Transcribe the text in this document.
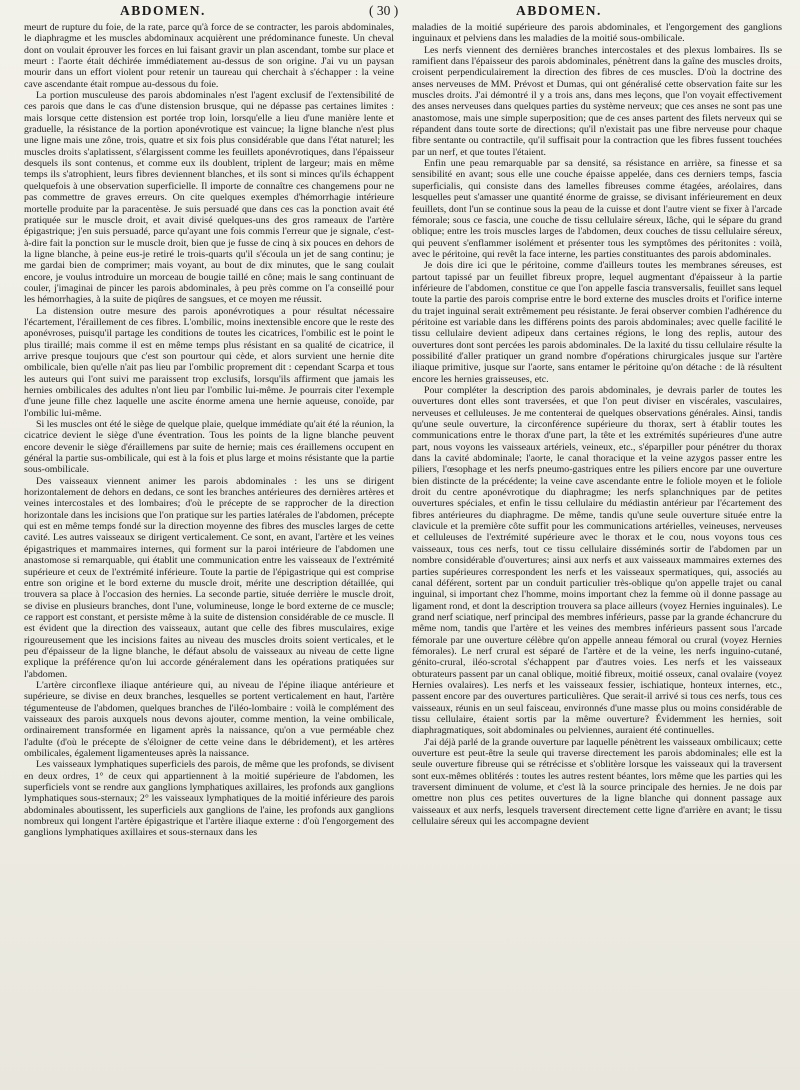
ABDOMEN.	( 30 )	ABDOMEN.

meurt de rupture du foie, de la rate, parce qu'à force de se contracter, les parois abdominales, le diaphragme et les muscles abdominaux acquièrent une prédominance funeste. Un cheval dont on voulait éprouver les forces en lui faisant gravir un plan ascendant, tombe sur place et meurt : l'aorte était déchirée immédiatement au-dessus de son origine. J'ai vu un paysan mourir dans un effort violent pour retenir un taureau qui cherchait à s'échapper : la veine cave ascendante était rompue au-dessous du foie.

La portion musculeuse des parois abdominales n'est l'agent exclusif de l'extensibilité de ces parois que dans le cas d'une distension brusque, qui ne dépasse pas certaines limites : mais lorsque cette distension est portée trop loin, lorsqu'elle a lieu d'une manière lente et graduelle, la résistance de la portion aponévrotique est vaincue; la ligne blanche n'est plus une ligne mais une zône, trois, quatre et six fois plus considérable que dans l'état naturel; les muscles droits s'aplatissent, s'élargissent comme les feuillets aponévrotiques, dans l'épaisseur desquels ils sont contenus, et comme eux ils doublent, triplent de largeur; mais en même temps ils s'atrophient, leurs fibres deviennent blanches, et ils sont si minces qu'ils échappent quelquefois à une observation superficielle. Il importe de connaître ces changemens pour ne pas commettre de graves erreurs. On cite quelques exemples d'hémorrhagie intérieure mortelle produite par la paracentèse. Je suis persuadé que dans ces cas la ponction avait été pratiquée sur le muscle droit, et avait divisé quelques-uns des gros rameaux de l'artère épigastrique; j'en suis persuadé, parce qu'ayant une fois commis l'erreur que je signale, c'est-à-dire fait la ponction sur le muscle droit, bien que je fusse de cinq à six pouces en dehors de la ligne blanche, à peine eus-je retiré le trois-quarts qu'il s'écoula un jet de sang continu; je me gardai bien de comprimer; mais voyant, au bout de dix minutes, que le sang coulait encore, je voulus introduire un morceau de bougie taillé en cône; mais le sang continuant de couler, j'imaginai de pincer les parois abdominales, à peu près comme on l'a conseillé pour les hémorrhagies, à la suite de piqûres de sangsues, et ce moyen me réussit.

La distension outre mesure des parois aponévrotiques a pour résultat nécessaire l'écartement, l'éraillement de ces fibres. L'ombilic, moins inextensible encore que le reste des aponévroses, puisqu'il partage les conditions de toutes les cicatrices, l'ombilic est le point le plus tiraillé; mais comme il est en même temps plus résistant en sa qualité de cicatrice, il arrive presque toujours que c'est son pourtour qui cède, et alors survient une hernie dite ombilicale, bien qu'elle n'ait pas lieu par l'ombilic proprement dit : cependant Scarpa et tous les auteurs qui l'ont suivi me paraissent trop exclusifs, lorsqu'ils affirment que jamais les hernies ombilicales des adultes n'ont lieu par l'ombilic lui-même. Je pourrais citer l'exemple d'une jeune fille chez laquelle une ascite énorme amena une hernie aqueuse, conoïde, par l'ombilic lui-même.

Si les muscles ont été le siège de quelque plaie, quelque immédiate qu'ait été la réunion, la cicatrice devient le siège d'une éventration. Tous les points de la ligne blanche peuvent encore devenir le siège d'éraillemens par suite de hernie; mais ces éraillemens occupent en général la partie sus-ombilicale, qui est à la fois et plus large et moins résistante que la partie sous-ombilicale.

Des vaisseaux viennent animer les parois abdominales : les uns se dirigent horizontalement de dehors en dedans, ce sont les branches antérieures des dernières artères et veines intercostales et des lombaires; d'où le précepte de se rapprocher de la direction horizontale dans les incisions que l'on pratique sur les parties latérales de l'abdomen, précepte qui est en même temps fondé sur la direction moyenne des fibres des muscles larges de cette cavité. Les autres vaisseaux se dirigent verticalement. Ce sont, en avant, l'artère et les veines épigastriques et mammaires internes, qui forment sur la paroi intérieure de l'abdomen une anastomose si remarquable, qui établit une communication entre les vaisseaux de l'extrémité supérieure et ceux de l'extrémité inférieure. Toute la partie de l'épigastrique qui est comprise entre son origine et le bord externe du muscle droit, mérite une description détaillée, qui trouvera sa place à l'occasion des hernies. La seconde partie, située derrière le muscle droit, se divise en plusieurs branches, dont l'une, volumineuse, longe le bord externe de ce muscle; ce rapport est constant, et persiste même à la suite de distension considérable de ce muscle. Il est évident que la direction des vaisseaux, autant que celle des fibres musculaires, exige rigoureusement que les incisions faites au niveau des muscles droits soient verticales, et le peu d'épaisseur de la ligne blanche, le défaut absolu de vaisseaux au niveau de cette ligne explique la préférence qu'on lui accorde généralement dans les opérations pratiquées sur l'abdomen.

L'artère circonflexe iliaque antérieure qui, au niveau de l'épine iliaque antérieure et supérieure, se divise en deux branches, lesquelles se portent verticalement en haut, l'artère tégumenteuse de l'abdomen, quelques branches de l'iléo-lombaire : voilà le complément des vaisseaux des parois auxquels nous devons ajouter, comme mention, la veine ombilicale, ordinairement transformée en ligament après la naissance, qu'on a vue perméable chez l'adulte (d'où le précepte de s'éloigner de cette veine dans le débridement), et les artères ombilicales, également ligamenteuses après la naissance.

Les vaisseaux lymphatiques superficiels des parois, de même que les profonds, se divisent en deux ordres, 1° de ceux qui appartiennent à la moitié supérieure de l'abdomen, les superficiels vont se rendre aux ganglions lymphatiques axillaires, les profonds aux ganglions lymphatiques sous-sternaux; 2° les vaisseaux lymphatiques de la moitié inférieure des parois abdominales aboutissent, les superficiels aux ganglions de l'aine, les profonds aux ganglions nombreux qui longent l'artère épigastrique et l'artère iliaque externe : d'où l'engorgement des ganglions lymphatiques axillaires et sous-sternaux dans les

maladies de la moitié supérieure des parois abdominales, et l'engorgement des ganglions inguinaux et pelviens dans les maladies de la moitié sous-ombilicale.

Les nerfs viennent des dernières branches intercostales et des plexus lombaires. Ils se ramifient dans l'épaisseur des parois abdominales, pénètrent dans la gaîne des muscles droits, croisent perpendiculairement la direction des fibres de ces muscles. D'où la doctrine des anses nerveuses de MM. Prévost et Dumas, qui ont généralisé cette observation faite sur les muscles droits. J'ai démontré il y a trois ans, dans mes leçons, que l'on voyait effectivement des anses nerveuses dans quelques parties du système nerveux; que ces anses ne sont pas une anastomose, mais une simple superposition; que de ces anses partent des filets nerveux qui se répandent dans toute sorte de directions; qu'il n'existait pas une fibre nerveuse pour chaque fibre sentante ou contractile, qu'il suffisait pour la contraction que les fibres fussent touchées par un nerf, et que toutes l'étaient.

Enfin une peau remarquable par sa densité, sa résistance en arrière, sa finesse et sa sensibilité en avant; sous elle une couche épaisse appelée, dans ces derniers temps, fascia superficialis, qui consiste dans des lamelles fibreuses comme étagées, aréolaires, dans lesquelles peut s'amasser une quantité énorme de graisse, se divisant inférieurement en deux feuillets, dont l'un se continue sous la peau de la cuisse et dont l'autre vient se fixer à l'arcade fémorale; sous ce fascia, une couche de tissu cellulaire séreux, lâche, qui le sépare du grand oblique; entre les trois muscles larges de l'abdomen, deux couches de tissu cellulaire séreux, qui peuvent s'enflammer isolément et présenter tous les symptômes des péritonites : voilà, avec le péritoine, qui revêt la face interne, les parties constituantes des parois abdominales.

Je dois dire ici que le péritoine, comme d'ailleurs toutes les membranes séreuses, est partout tapissé par un feuillet fibreux propre, lequel augmentant d'épaisseur à la partie inférieure de l'abdomen, constitue ce que l'on appelle fascia transversalis, feuillet sans lequel toute la partie des parois comprise entre le bord externe des muscles droits et l'orifice interne du trajet inguinal serait extrêmement peu résistante. Je ferai observer combien l'adhérence du péritoine est variable dans les différens points des parois abdominales; avec quelle facilité le tissu cellulaire devient adipeux dans certaines régions, le long des replis, autour des ouvertures dont sont percées les parois abdominales. De la laxité du tissu cellulaire résulte la possibilité d'aller pratiquer un grand nombre d'opérations chirurgicales jusque sur l'artère iliaque primitive, jusque sur l'aorte, sans entamer le péritoine qu'on détache : de là résultent encore les hernies graisseuses, etc.

Pour compléter la description des parois abdominales, je devrais parler de toutes les ouvertures dont elles sont traversées, et que l'on peut diviser en viscérales, vasculaires, nerveuses et celluleuses. Je me contenterai de quelques observations générales. Ainsi, tandis qu'une seule ouverture, la circonférence supérieure du thorax, sert à établir toutes les communications entre le thorax d'une part, la tête et les extrémités supérieures d'une autre part, nous voyons les vaisseaux artériels, veineux, etc., s'éparpiller pour pénétrer du thorax dans la cavité abdominale; l'aorte, le canal thoracique et la veine azygos passer entre les piliers, l'œsophage et les nerfs pneumo-gastriques entre les piliers encore par une ouverture bien distincte de la précédente; la veine cave ascendante entre le foliole moyen et le foliole droit du centre aponévrotique du diaphragme; les nerfs splanchniques par de petites ouvertures spéciales, et enfin le tissu cellulaire du médiastin antérieur par l'écartement des fibres antérieures du diaphragme. De même, tandis qu'une seule ouverture située entre la clavicule et la première côte suffit pour les communications artérielles, veineuses, nerveuses et celluleuses de l'extrémité supérieure avec le thorax et le cou, nous voyons tous ces vaisseaux, tous ces nerfs, tout ce tissu cellulaire disséminés sortir de l'abdomen par un nombre considérable d'ouvertures; ainsi aux nerfs et aux vaisseaux mammaires externes des parties supérieures correspondent les nerfs et les vaisseaux spermatiques, qui, associés au canal déférent, sortent par un conduit particulier très-oblique qu'on appelle trajet ou canal inguinal, si important chez l'homme, moins important chez la femme où il donne passage au ligament rond, et dont la description trouvera sa place ailleurs (voyez Hernies inguinales). Le grand nerf sciatique, nerf principal des membres inférieurs, passe par la grande échancrure du même nom, tandis que l'artère et les veines des membres inférieurs passent sous l'arcade fémorale par une ouverture célèbre qu'on appelle anneau fémoral ou crural (voyez Hernies fémorales). Le nerf crural est séparé de l'artère et de la veine, les nerfs inguino-cutané, génito-crural, iléo-scrotal s'échappent par d'autres voies. Les nerfs et les vaisseaux obturateurs passent par un canal oblique, moitié fibreux, moitié osseux, canal ovalaire (voyez Hernies ovalaires). Les nerfs et les vaisseaux fessier, ischiatique, honteux internes, etc., passent encore par des ouvertures particulières. Que serait-il arrivé si tous ces nerfs, tous ces vaisseaux, réunis en un seul faisceau, environnés d'une masse plus ou moins considérable de tissu cellulaire, étaient sortis par la même ouverture? Évidemment les hernies, soit diaphragmatiques, soit abdominales ou pelviennes, auraient été continuelles.

J'ai déjà parlé de la grande ouverture par laquelle pénètrent les vaisseaux ombilicaux; cette ouverture est peut-être la seule qui traverse directement les parois abdominales; elle est la seule ouverture fibreuse qui se rétrécisse et s'oblitère lorsque les vaisseaux qui la traversent sont eux-mêmes oblitérés : toutes les autres restent béantes, lors même que les parties qui les traversent diminuent de volume, et c'est là la source principale des hernies. Je ne dois par omettre non plus ces petites ouvertures de la ligne blanche qui donnent passage aux vaisseaux et aux nerfs, lesquels traversent directement cette ligne d'arrière en avant; le tissu cellulaire séreux qui les accompagne devient
